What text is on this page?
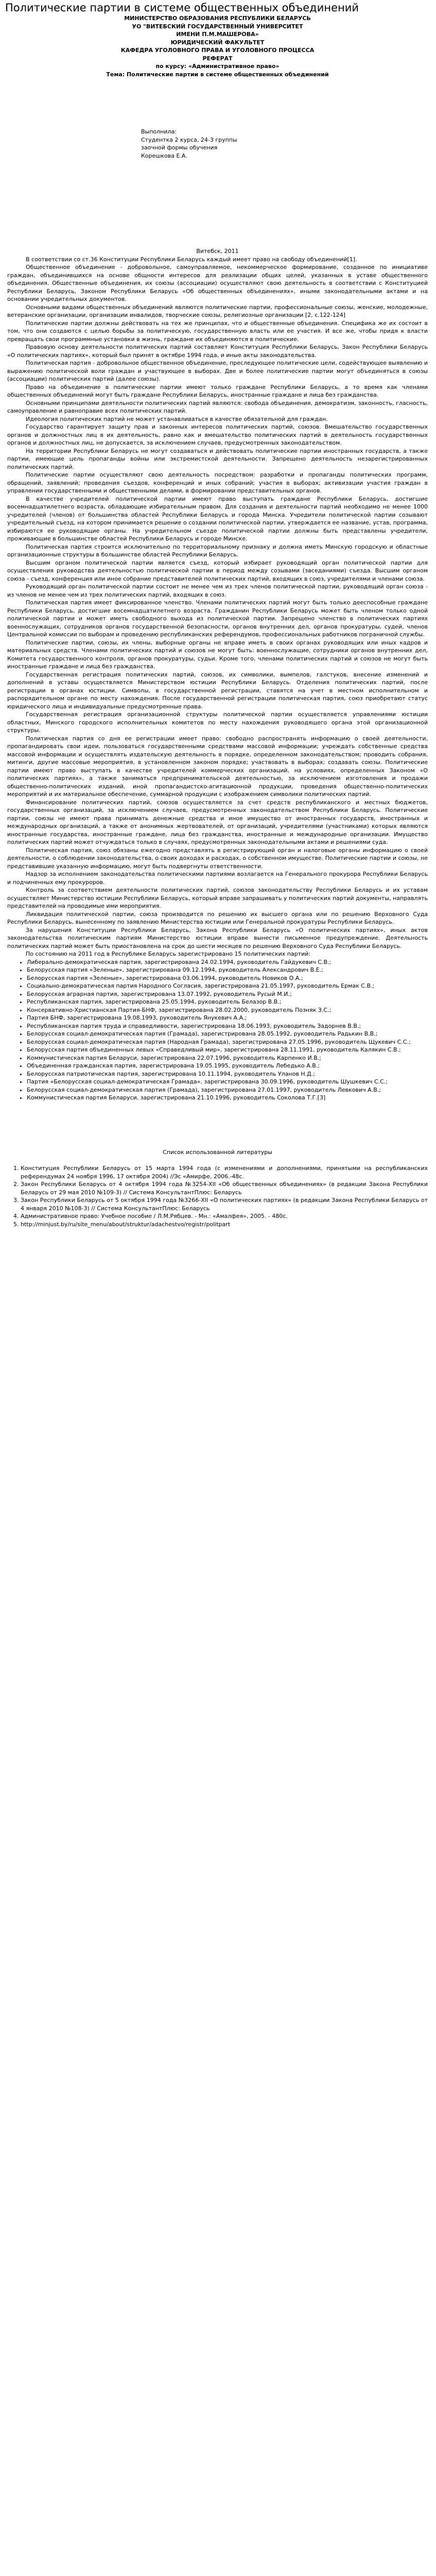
Политические партии в системе общественных объединений

МИНИСТЕРСТВО ОБРАЗОВАНИЯ РЕСПУБЛИКИ БЕЛАРУСЬ

УО "ВИТЕБСКИЙ ГОСУДАРСТВЕННЫЙ УНИВЕРСИТЕТ

ИМЕНИ П.М.МАШЕРОВА»

ЮРИДИЧЕСКИЙ ФАКУЛЬТЕТ

КАФЕДРА УГОЛОВНОГО ПРАВА И УГОЛОВНОГО ПРОЦЕССА

РЕФЕРАТ

по курсу: «Административное право»

Тема: Политические партии в системе общественных объединений

Выполнила:

Студентка 2 курса, 24-3 группы

заочной формы обучения

Корешкова Е.А.

Витебск, 2011

В соответствии со ст.36 Конституции Республики Беларусь каждый имеет право на свободу объединений[1].

Общественное объединение - добровольное, самоуправляемое, некоммерческое формирование, созданное по инициативе граждан, объединившихся на основе общности интересов для реализации общих целей, указанных в уставе общественного объединения. Общественные объединения, их союзы (ассоциации) осуществляют свою деятельность в соответствии с Конституцией Республики Беларусь, Законом Республики Беларусь «Об общественных объединениях», иными законодательными актами и на основании учредительных документов.

Основными видами общественных объединений являются политические партии, профессиональные союзы, женские, молодежные, ветеранские организации, организации инвалидов, творческие союзы, религиозные организации [2, с.122-124]

Политические партии должны действовать на тех же принципах, что и общественные объединения. Специфика же их состоит в том, что они создаются с целью борьбы за политическую, государственную власть или ее участия. И все же, чтобы придя к власти превращать свои программные установки в жизнь, граждане их объединяются в политические.

Правовую основу деятельности политических партий составляет Конституция Республики Беларусь, Закон Республики Беларусь «О политических партиях», который был принят в октябре 1994 года, и иные акты законодательства.

Политическая партия - добровольное общественное объединение, преследующее политические цели, содействующее выявлению и выражению политической воли граждан и участвующее в выборах. Две и более политические партии могут объединяться в союзы (ассоциации) политических партий (далее союзы).

Право на объединение в политические партии имеют только граждане Республики Беларусь, а то время как членами общественных объединений могут быть граждане Республики Беларусь, иностранные граждане и лица без гражданства.

Основными принципами деятельности политических партий являются: свобода объединения, демократизм, законность, гласность, самоуправление и равноправие всех политических партий.

Идеология политических партий не может устанавливаться в качестве обязательной для граждан.

Государство гарантирует защиту прав и законных интересов политических партий, союзов. Вмешательство государственных органов и должностных лиц в их деятельность, равно как и вмешательство политических партий в деятельность государственных органов и должностных лиц, не допускается, за исключением случаев, предусмотренных законодательством.

На территории Республики Беларусь не могут создаваться и действовать политические партии иностранных государств, а также партии, имеющие цель пропаганды войны или экстремистской деятельности. Запрещено деятельность незарегистрированных политических партий.

Политические партии осуществляют свою деятельность посредством: разработки и пропаганды политических программ, обращений, заявлений; проведения съездов, конференций и иных собраний; участия в выборах; активизации участия граждан в управлении государственными и общественными делами, в формировании представительных органов.

В качестве учредителей политической партии имеют право выступать граждане Республики Беларусь, достигшие восемнадцатилетнего возраста, обладающие избирательным правом. Для создания и деятельности партий необходимо не менее 1000 учредителей (членов) от большинства областей Республики Беларусь и города Минска. Учредители политической партии созывают учредительный съезд, на котором принимается решение о создании политической партии, утверждается ее название, устав, программа, избираются ее руководящие органы. На учредительном съезде политической партии должны быть представлены учредители, проживающие в большинстве областей Республики Беларусь и городе Минске.

Политическая партия строится исключительно по территориальному признаку и должна иметь Минскую городскую и областные организационные структуры в большинстве областей Республики Беларусь.

Высшим органом политической партии является съезд, который избирает руководящий орган политической партии для осуществления руководства деятельностью политической партии в период между созывами (заседаниями) съезда. Высшим органом союза - съезд, конференция или иное собрание представителей политических партий, входящих в союз, учредителями и членами союза.

Руководящий орган политической партии состоит не менее чем из трех членов политической партии, руководящий орган союза - из членов не менее чем из трех политических партий, входящих в союз.

Политическая партия имеет фиксированное членство. Членами политических партий могут быть только дееспособные граждане Республики Беларусь, достигшие восемнадцатилетнего возраста. Гражданин Республики Беларусь может быть членом только одной политической партии и может иметь свободного выхода из политической партии. Запрещено членство в политических партиях военнослужащих, сотрудников органов государственной безопасности, органов внутренних дел, органов прокуратуры, судей, членов Центральной комиссии по выборам и проведению республиканских референдумов, профессиональных работников пограничной службы.

Политические партии, союзы, их члены, выборные органы не вправе иметь в своих органах руководящих или иных кадров и материальных средств. Членами политических партий и союзов не могут быть: военнослужащие, сотрудники органов внутренних дел, Комитета государственного контроля, органов прокуратуры, судьи. Кроме того, членами политических партий и союзов не могут быть иностранные граждане и лица без гражданства.

Государственная регистрация политических партий, союзов, их символики, вымпелов, галстуков, внесение изменений и дополнений в уставы осуществляется Министерством юстиции Республики Беларусь. Отделения политических партий, после регистрации в органах юстиции. Символы, в государственной регистрации, ставятся на учет в местном исполнительном и распорядительном органе по месту нахождения. После государственной регистрации политическая партия, союз приобретают статус юридического лица и индивидуальные предусмотренные права.

Государственная регистрация организационной структуры политической партии осуществляется управлениями юстиции областных, Минского городского исполнительных комитетов по месту нахождения руководящего органа этой организационной структуры.

Политическая партия со дня ее регистрации имеет право: свободно распространять информацию о своей деятельности, пропагандировать свои идеи, пользоваться государственными средствами массовой информации; учреждать собственные средства массовой информации и осуществлять издательскую деятельность в порядке, определенном законодательством; проводить собрания, митинги, другие массовые мероприятия, в установленном законом порядке; участвовать в выборах; создавать союзы. Политические партии имеют право выступать в качестве учредителей коммерческих организаций, на условиях, определенных Законом «О политических партиях», а также заниматься предпринимательской деятельностью, за исключением изготовления и продажи общественно-политических изданий, иной пропагандистско-агитационной продукции, проведения общественно-политических мероприятий и их материальное обеспечение, суммарной продукции с изображением символики политических партий.

Финансирование политических партий, союзов осуществляется за счет средств республиканского и местных бюджетов, государственных организаций, за исключением случаев, предусмотренных законодательством Республики Беларусь. Политические партии, союзы не имеют права принимать денежные средства и иное имущество от иностранных государств, иностранных и международных организаций, а также от анонимных жертвователей, от организаций, учредителями (участниками) которых являются иностранные государства, иностранные граждане, лица без гражданства, иностранные и международные организации. Имущество политических партий может отчуждаться только в случаях, предусмотренных законодательными актами и решениями суда.

Политическая партия, союз обязаны ежегодно представлять в регистрирующий орган и налоговые органы информацию о своей деятельности, о соблюдении законодательства, о своих доходах и расходах, о собственном имуществе. Политические партии и союзы, не представившие указанную информацию, могут быть подвергнуты ответственности.

Надзор за исполнением законодательства политическими партиями возлагается на Генерального прокурора Республики Беларусь и подчиненных ему прокуроров.

Контроль за соответствием деятельности политических партий, союзов законодательству Республики Беларусь и их уставам осуществляет Министерство юстиции Республики Беларусь, который вправе запрашивать у политических партий документы, направлять представителей на проводимые ими мероприятия.

Ликвидация политической партии, союза производится по решению их высшего органа или по решению Верховного Суда Республики Беларусь, вынесенному по заявлению Министерства юстиции или Генеральной прокуратуры Республики Беларусь.

За нарушения Конституции Республики Беларусь, Закона Республики Беларусь «О политических партиях», иных актов законодательства политическим партиям Министерство юстиции вправе вынести письменное предупреждение. Деятельность политических партий может быть приостановлена на срок до шести месяцев по решению Верховного Суда Республики Беларусь.

По состоянию на 2011 год в Республике Беларусь зарегистрировано 15 политических партий:

• Либерально-демократическая партия, зарегистрирована 24.02.1994, руководитель Гайдукевич С.В.;
• Белорусская партия «Зеленые», зарегистрирована 09.12.1994, руководитель Александрович В.Е.;
• Белорусская партия «Зеленые», зарегистрирована 03.06.1994, руководитель Новиков О.А.;
• Социально-демократическая партия Народного Согласия, зарегистрирована 21.05.1997, руководитель Ермак С.В.;
• Белорусская аграрная партия, зарегистрирована 13.07.1992, руководитель Русый М.И.;
• Республиканская партия, зарегистрирована 25.05.1994, руководитель Белазор В.В.;
• Консервативно-Христианская Партия-БНФ, зарегистрирована 28.02.2000, руководитель Позняк З.С.;
• Партия БНФ, зарегистрирована 19.08.1993, руководитель Янукевич А.А.;
• Республиканская партия труда и справедливости, зарегистрирована 18.06.1993, руководитель Задорнев В.В.;
• Белорусская социал-демократическая партия (Грамада), зарегистрирована 28.05.1992, руководитель Радькин В.В.;
• Белорусская социал-демократическая партия (Народная Грамада), зарегистрирована 27.05.1996, руководитель Щукевич С.С.;
• Белорусская партия объединенных левых «Справедливый мир», зарегистрирована 28.11.1991, руководитель Калякин С.В.;
• Коммунистическая партия Беларуси, зарегистрирована 22.07.1996, руководитель Карпенко И.В.;
• Объединенная гражданская партия, зарегистрирована 19.05.1995, руководитель Лебедько А.В.;
• Белорусская патриотическая партия, зарегистрирована 10.11.1994, руководитель Уланов Н.Д.;
• Партия «Белорусская социал-демократическая Грамада», зарегистрирована 30.09.1996, руководитель Шушкевич С.С.;
• Белорусская социал-демократическая партия (Грамада), зарегистрирована 27.01.1997, руководитель Левкович А.В.;
• Коммунистическая партия Беларуси, зарегистрирована 21.10.1996, руководитель Соколова Т.Г.[3]

Список использованной литературы

1. Конституция Республики Беларусь от 15 марта 1994 года (с изменениями и дополнениями, принятыми на республиканских референдумах 24 ноября 1996, 17 октября 2004) //Эс «Амирфе, 2006.-48с.
2. Закон Республики Беларусь от 4 октября 1994 года №3254-XII «Об общественных объединениях» (в редакции Закона Республики Беларусь от 29 мая 2010 №109-3) // Система КонсультантПлюс: Беларусь
3. Закон Республики Беларусь от 5 октября 1994 года №3266-XII «О политических партиях» (в редакции Закона Республики Беларусь от 4 января 2010 №108-3) // Система КонсультантПлюс: Беларусь
4. Административное право: Учебное пособие / Л.М.Рябцев. - Мн.: «Амалфея», 2005. - 480с.
5. http://minjust.by/ru/site_menu/about/struktur/adachestvo/registr/politpart
